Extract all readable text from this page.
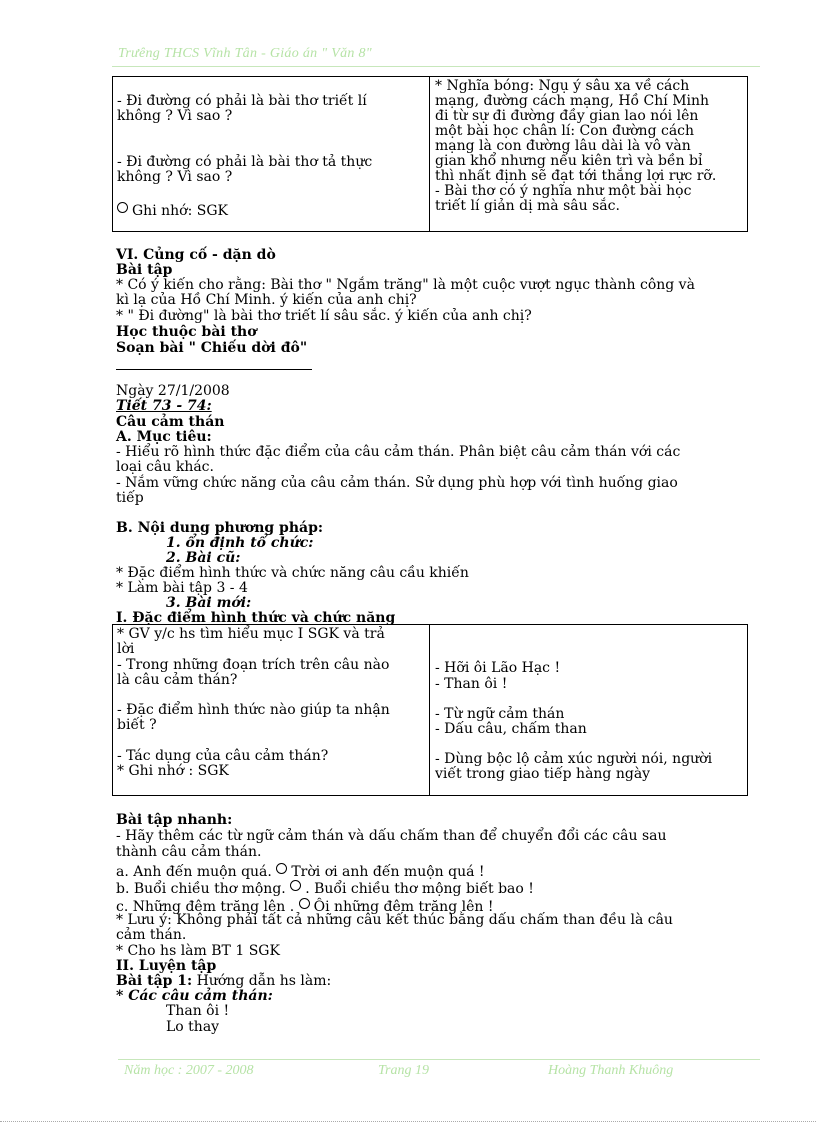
Trưêng THCS Vĩnh Tân - Giáo án " Văn 8"
- Đi đường có phải là bài thơ triết lí
không ? Vì sao ?
- Đi đường có phải là bài thơ tả thực
không ? Vì sao ?
Ghi nhớ: SGK
* Nghĩa bóng: Ngụ ý sâu xa về cách
mạng, đường cách mạng, Hồ Chí Minh
đi từ sự đi đường đầy gian lao nói lên
một bài học chân lí: Con đường cách
mạng là con đường lâu dài là vô vàn
gian khổ nhưng nếu kiên trì và bền bỉ
thì nhất định sẽ đạt tới thắng lợi rực rỡ.
- Bài thơ có ý nghĩa như một bài học
triết lí giản dị mà sâu sắc.
VI. Củng cố - dặn dò
Bài tập
* Có ý kiến cho rằng: Bài thơ " Ngắm trăng" là một cuộc vượt ngục thành công và
kì lạ của Hồ Chí Minh. ý kiến của anh chị?
* " Đi đường" là bài thơ triết lí sâu sắc. ý kiến của anh chị?
Học thuộc bài thơ
Soạn bài " Chiếu dời đô"
Ngày 27/1/2008
Tiết 73 - 74:
Câu cảm thán
A. Mục tiêu:
- Hiểu rõ hình thức đặc điểm của câu cảm thán. Phân biệt câu cảm thán với các
loại câu khác.
- Nắm vững chức năng của câu cảm thán. Sử dụng phù hợp với tình huống giao
tiếp
B. Nội dung phương pháp:
1. ổn định tổ chức:
2. Bài cũ:
* Đặc điểm hình thức và chức năng câu cầu khiến
* Làm bài tập 3 - 4
3. Bài mới:
I. Đặc điểm hình thức và chức năng
* GV y/c hs tìm hiểu mục I SGK và trả
lời
- Trong những đoạn trích trên câu nào
là câu cảm thán?
- Đặc điểm hình thức nào giúp ta nhận
biết ?
- Tác dụng của câu cảm thán?
* Ghi nhớ : SGK
- Hỡi ôi Lão Hạc !
- Than ôi !
- Từ ngữ cảm thán
- Dấu câu, chấm than
- Dùng bộc lộ cảm xúc người nói, người
viết trong giao tiếp hàng ngày
Bài tập nhanh:
- Hãy thêm các từ ngữ cảm thán và dấu chấm than để chuyển đổi các câu sau
thành câu cảm thán.
a. Anh đến muộn quá. Trời ơi anh đến muộn quá !
b. Buổi chiều thơ mộng. . Buổi chiều thơ mộng biết bao !
c. Những đêm trăng lên . Ôi những đêm trăng lên !
* Lưu ý: Không phải tất cả những câu kết thúc bằng dấu chấm than đều là câu
cảm thán.
* Cho hs làm BT 1 SGK
II. Luyện tập
Bài tập 1: Hướng dẫn hs làm:
* Các câu cảm thán:
Than ôi !
Lo thay
Năm học : 2007 - 2008	Trang 19	Hoàng Thanh Khuông
